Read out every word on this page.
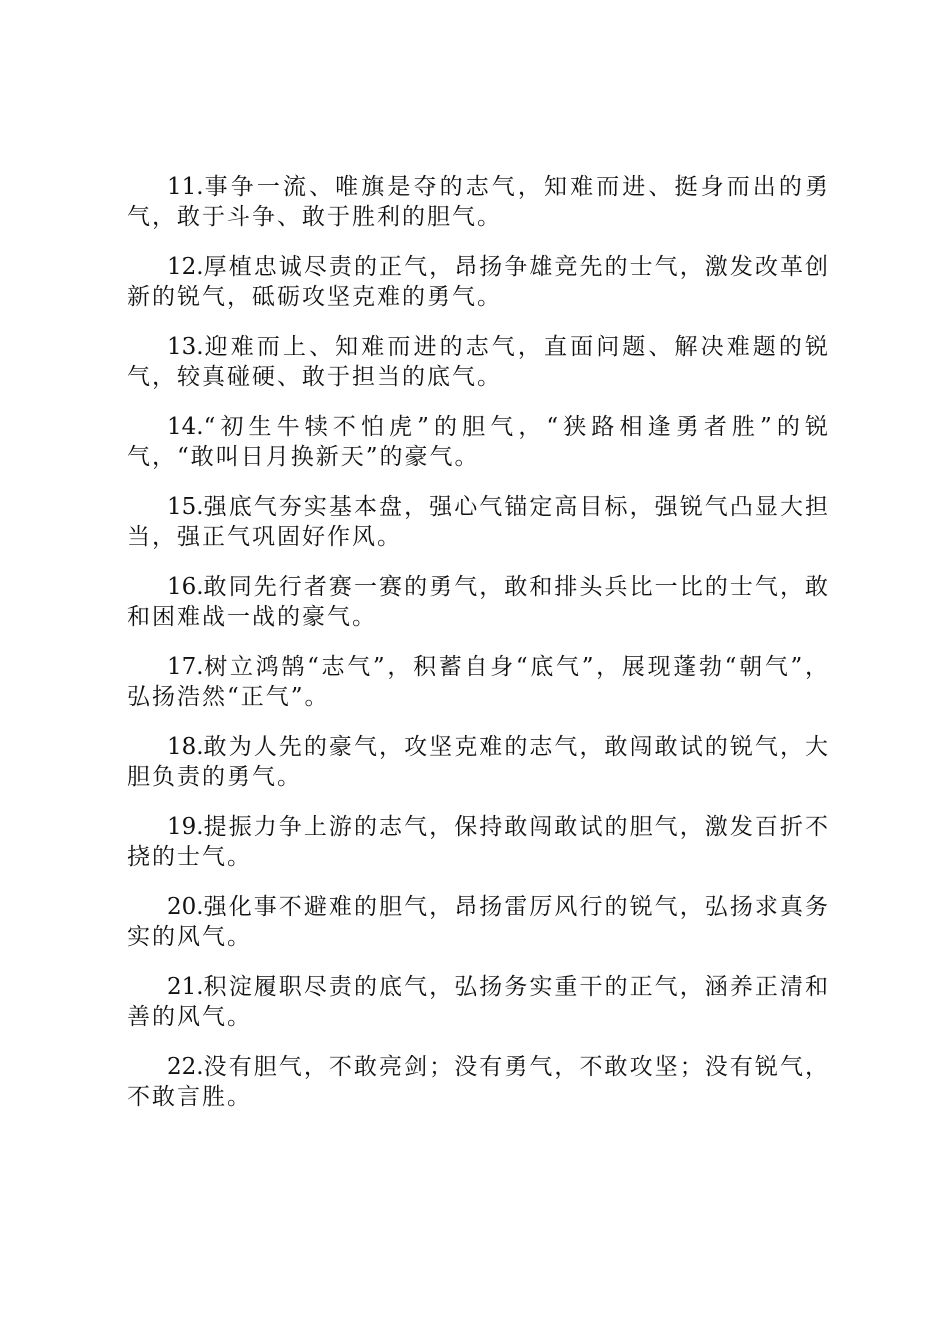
11.事争一流、唯旗是夺的志气，知难而进、挺身而出的勇气，敢于斗争、敢于胜利的胆气。

12.厚植忠诚尽责的正气，昂扬争雄竞先的士气，激发改革创新的锐气，砥砺攻坚克难的勇气。

13.迎难而上、知难而进的志气，直面问题、解决难题的锐气，较真碰硬、敢于担当的底气。

14.“初生牛犊不怕虎”的胆气，“狭路相逢勇者胜”的锐气，“敢叫日月换新天”的豪气。

15.强底气夯实基本盘，强心气锚定高目标，强锐气凸显大担当，强正气巩固好作风。

16.敢同先行者赛一赛的勇气，敢和排头兵比一比的士气，敢和困难战一战的豪气。

17.树立鸿鹄“志气”，积蓄自身“底气”，展现蓬勃“朝气”，弘扬浩然“正气”。

18.敢为人先的豪气，攻坚克难的志气，敢闯敢试的锐气，大胆负责的勇气。

19.提振力争上游的志气，保持敢闯敢试的胆气，激发百折不挠的士气。

20.强化事不避难的胆气，昂扬雷厉风行的锐气，弘扬求真务实的风气。

21.积淀履职尽责的底气，弘扬务实重干的正气，涵养正清和善的风气。

22.没有胆气，不敢亮剑；没有勇气，不敢攻坚；没有锐气，不敢言胜。
